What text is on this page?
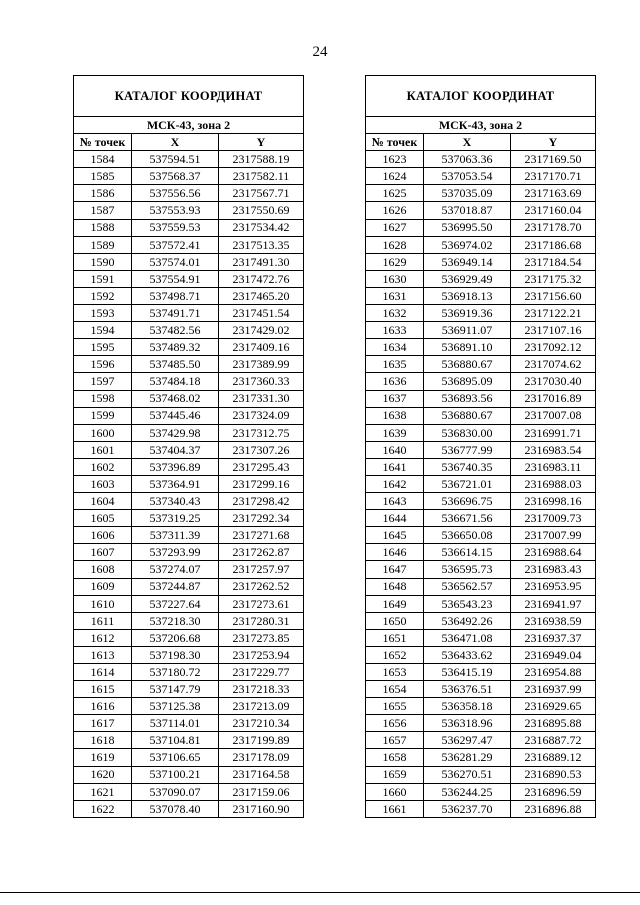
24
КАТАЛОГ КООРДИНАТ		
МСК-43, зона 2		
№ точек	X	Y
1584	537594.51	2317588.19
1585	537568.37	2317582.11
1586	537556.56	2317567.71
1587	537553.93	2317550.69
1588	537559.53	2317534.42
1589	537572.41	2317513.35
1590	537574.01	2317491.30
1591	537554.91	2317472.76
1592	537498.71	2317465.20
1593	537491.71	2317451.54
1594	537482.56	2317429.02
1595	537489.32	2317409.16
1596	537485.50	2317389.99
1597	537484.18	2317360.33
1598	537468.02	2317331.30
1599	537445.46	2317324.09
1600	537429.98	2317312.75
1601	537404.37	2317307.26
1602	537396.89	2317295.43
1603	537364.91	2317299.16
1604	537340.43	2317298.42
1605	537319.25	2317292.34
1606	537311.39	2317271.68
1607	537293.99	2317262.87
1608	537274.07	2317257.97
1609	537244.87	2317262.52
1610	537227.64	2317273.61
1611	537218.30	2317280.31
1612	537206.68	2317273.85
1613	537198.30	2317253.94
1614	537180.72	2317229.77
1615	537147.79	2317218.33
1616	537125.38	2317213.09
1617	537114.01	2317210.34
1618	537104.81	2317199.89
1619	537106.65	2317178.09
1620	537100.21	2317164.58
1621	537090.07	2317159.06
1622	537078.40	2317160.90
КАТАЛОГ КООРДИНАТ		
МСК-43, зона 2		
№ точек	X	Y
1623	537063.36	2317169.50
1624	537053.54	2317170.71
1625	537035.09	2317163.69
1626	537018.87	2317160.04
1627	536995.50	2317178.70
1628	536974.02	2317186.68
1629	536949.14	2317184.54
1630	536929.49	2317175.32
1631	536918.13	2317156.60
1632	536919.36	2317122.21
1633	536911.07	2317107.16
1634	536891.10	2317092.12
1635	536880.67	2317074.62
1636	536895.09	2317030.40
1637	536893.56	2317016.89
1638	536880.67	2317007.08
1639	536830.00	2316991.71
1640	536777.99	2316983.54
1641	536740.35	2316983.11
1642	536721.01	2316988.03
1643	536696.75	2316998.16
1644	536671.56	2317009.73
1645	536650.08	2317007.99
1646	536614.15	2316988.64
1647	536595.73	2316983.43
1648	536562.57	2316953.95
1649	536543.23	2316941.97
1650	536492.26	2316938.59
1651	536471.08	2316937.37
1652	536433.62	2316949.04
1653	536415.19	2316954.88
1654	536376.51	2316937.99
1655	536358.18	2316929.65
1656	536318.96	2316895.88
1657	536297.47	2316887.72
1658	536281.29	2316889.12
1659	536270.51	2316890.53
1660	536244.25	2316896.59
1661	536237.70	2316896.88
